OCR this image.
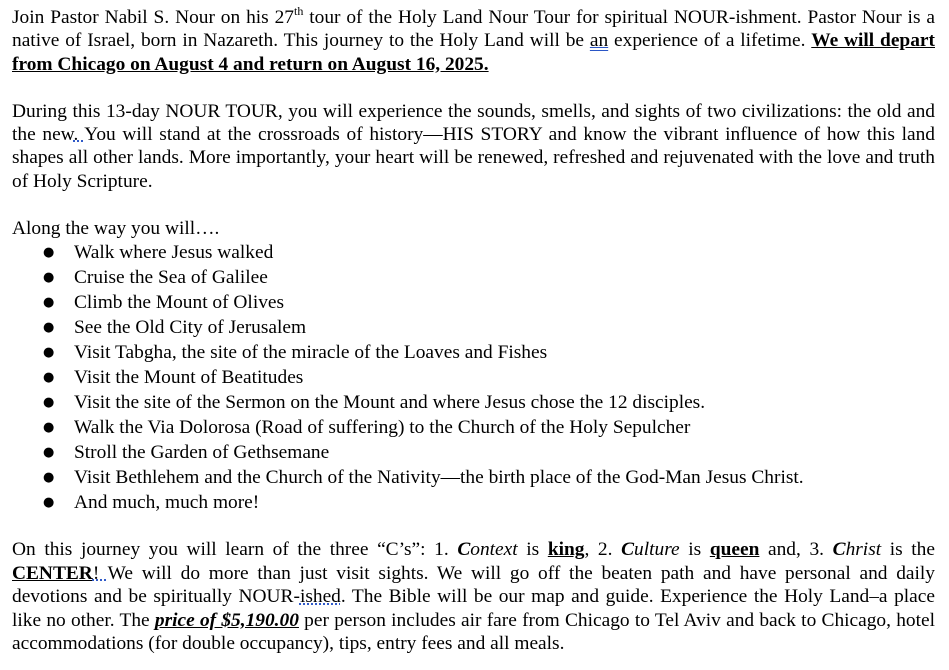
Join Pastor Nabil S. Nour on his 27th tour of the Holy Land Nour Tour for spiritual NOUR-ishment. Pastor Nour is a native of Israel, born in Nazareth. This journey to the Holy Land will be an experience of a lifetime. We will depart from Chicago on August 4 and return on August 16, 2025.

During this 13-day NOUR TOUR, you will experience the sounds, smells, and sights of two civilizations: the old and the new. You will stand at the crossroads of history—HIS STORY and know the vibrant influence of how this land shapes all other lands. More importantly, your heart will be renewed, refreshed and rejuvenated with the love and truth of Holy Scripture.

Along the way you will….

● Walk where Jesus walked
● Cruise the Sea of Galilee
● Climb the Mount of Olives
● See the Old City of Jerusalem
● Visit Tabgha, the site of the miracle of the Loaves and Fishes
● Visit the Mount of Beatitudes
● Visit the site of the Sermon on the Mount and where Jesus chose the 12 disciples.
● Walk the Via Dolorosa (Road of suffering) to the Church of the Holy Sepulcher
● Stroll the Garden of Gethsemane
● Visit Bethlehem and the Church of the Nativity—the birth place of the God-Man Jesus Christ.
● And much, much more!

On this journey you will learn of the three “C’s”: 1. Context is king, 2. Culture is queen and, 3. Christ is the CENTER! We will do more than just visit sights. We will go off the beaten path and have personal and daily devotions and be spiritually NOUR-ished. The Bible will be our map and guide. Experience the Holy Land–a place like no other. The price of $5,190.00 per person includes air fare from Chicago to Tel Aviv and back to Chicago, hotel accommodations (for double occupancy), tips, entry fees and all meals.
